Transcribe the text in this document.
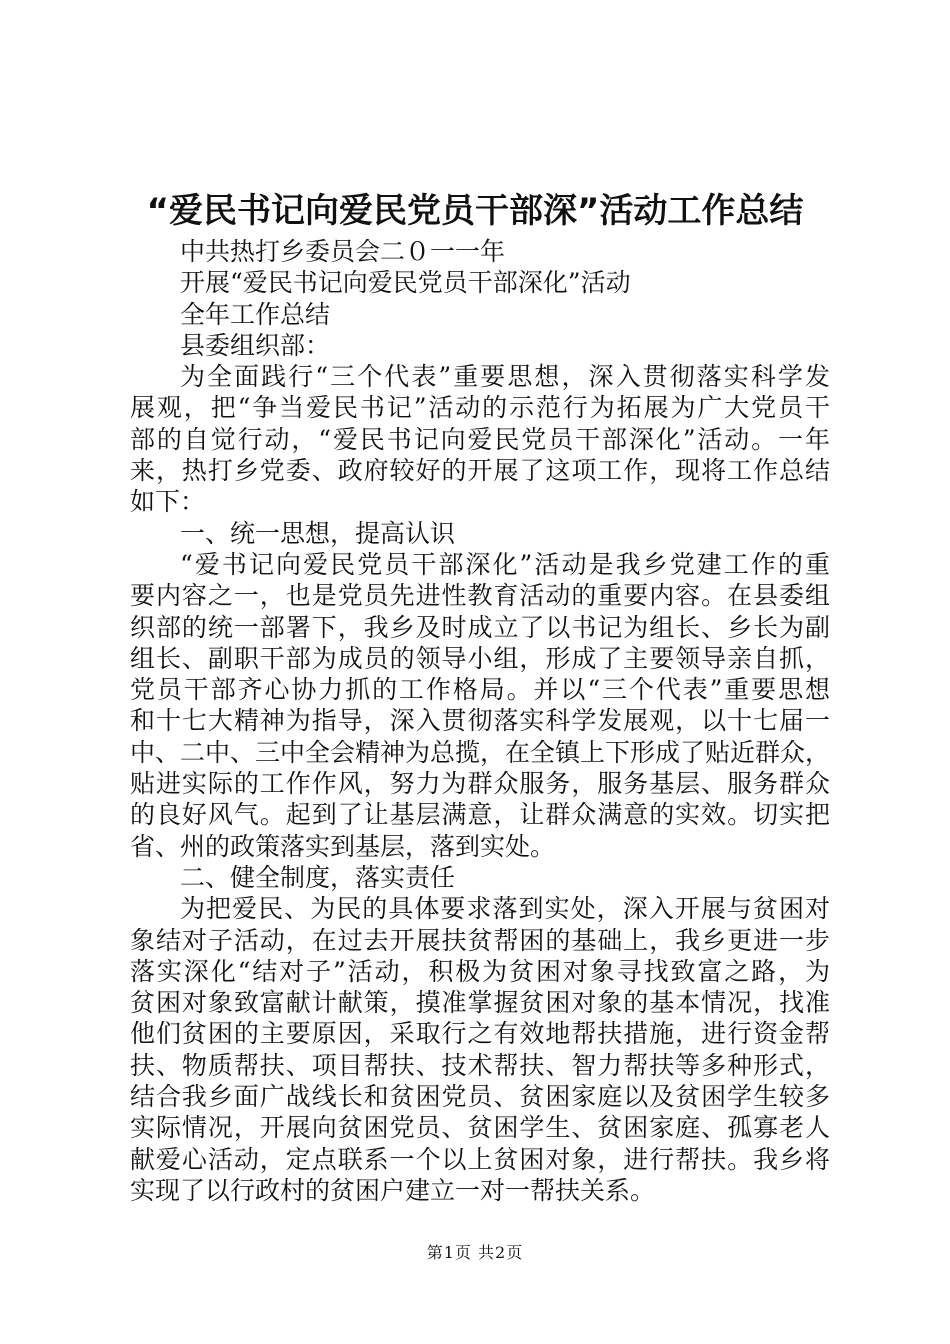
“爱民书记向爱民党员干部深”活动工作总结
中共热打乡委员会二０一一年
开展“爱民书记向爱民党员干部深化”活动
全年工作总结
县委组织部：
为全面践行“三个代表”重要思想，深入贯彻落实科学发
展观，把“争当爱民书记”活动的示范行为拓展为广大党员干
部的自觉行动，“爱民书记向爱民党员干部深化”活动。一年
来，热打乡党委、政府较好的开展了这项工作，现将工作总结
如下：
一、统一思想，提高认识
“爱书记向爱民党员干部深化”活动是我乡党建工作的重
要内容之一，也是党员先进性教育活动的重要内容。在县委组
织部的统一部署下，我乡及时成立了以书记为组长、乡长为副
组长、副职干部为成员的领导小组，形成了主要领导亲自抓，
党员干部齐心协力抓的工作格局。并以“三个代表”重要思想
和十七大精神为指导，深入贯彻落实科学发展观，以十七届一
中、二中、三中全会精神为总揽，在全镇上下形成了贴近群众，
贴进实际的工作作风，努力为群众服务，服务基层、服务群众
的良好风气。起到了让基层满意，让群众满意的实效。切实把
省、州的政策落实到基层，落到实处。
二、健全制度，落实责任
为把爱民、为民的具体要求落到实处，深入开展与贫困对
象结对子活动，在过去开展扶贫帮困的基础上，我乡更进一步
落实深化“结对子”活动，积极为贫困对象寻找致富之路，为
贫困对象致富献计献策，摸准掌握贫困对象的基本情况，找准
他们贫困的主要原因，采取行之有效地帮扶措施，进行资金帮
扶、物质帮扶、项目帮扶、技术帮扶、智力帮扶等多种形式，
结合我乡面广战线长和贫困党员、贫困家庭以及贫困学生较多
实际情况，开展向贫困党员、贫困学生、贫困家庭、孤寡老人
献爱心活动，定点联系一个以上贫困对象，进行帮扶。我乡将
实现了以行政村的贫困户建立一对一帮扶关系。
第1页 共2页
